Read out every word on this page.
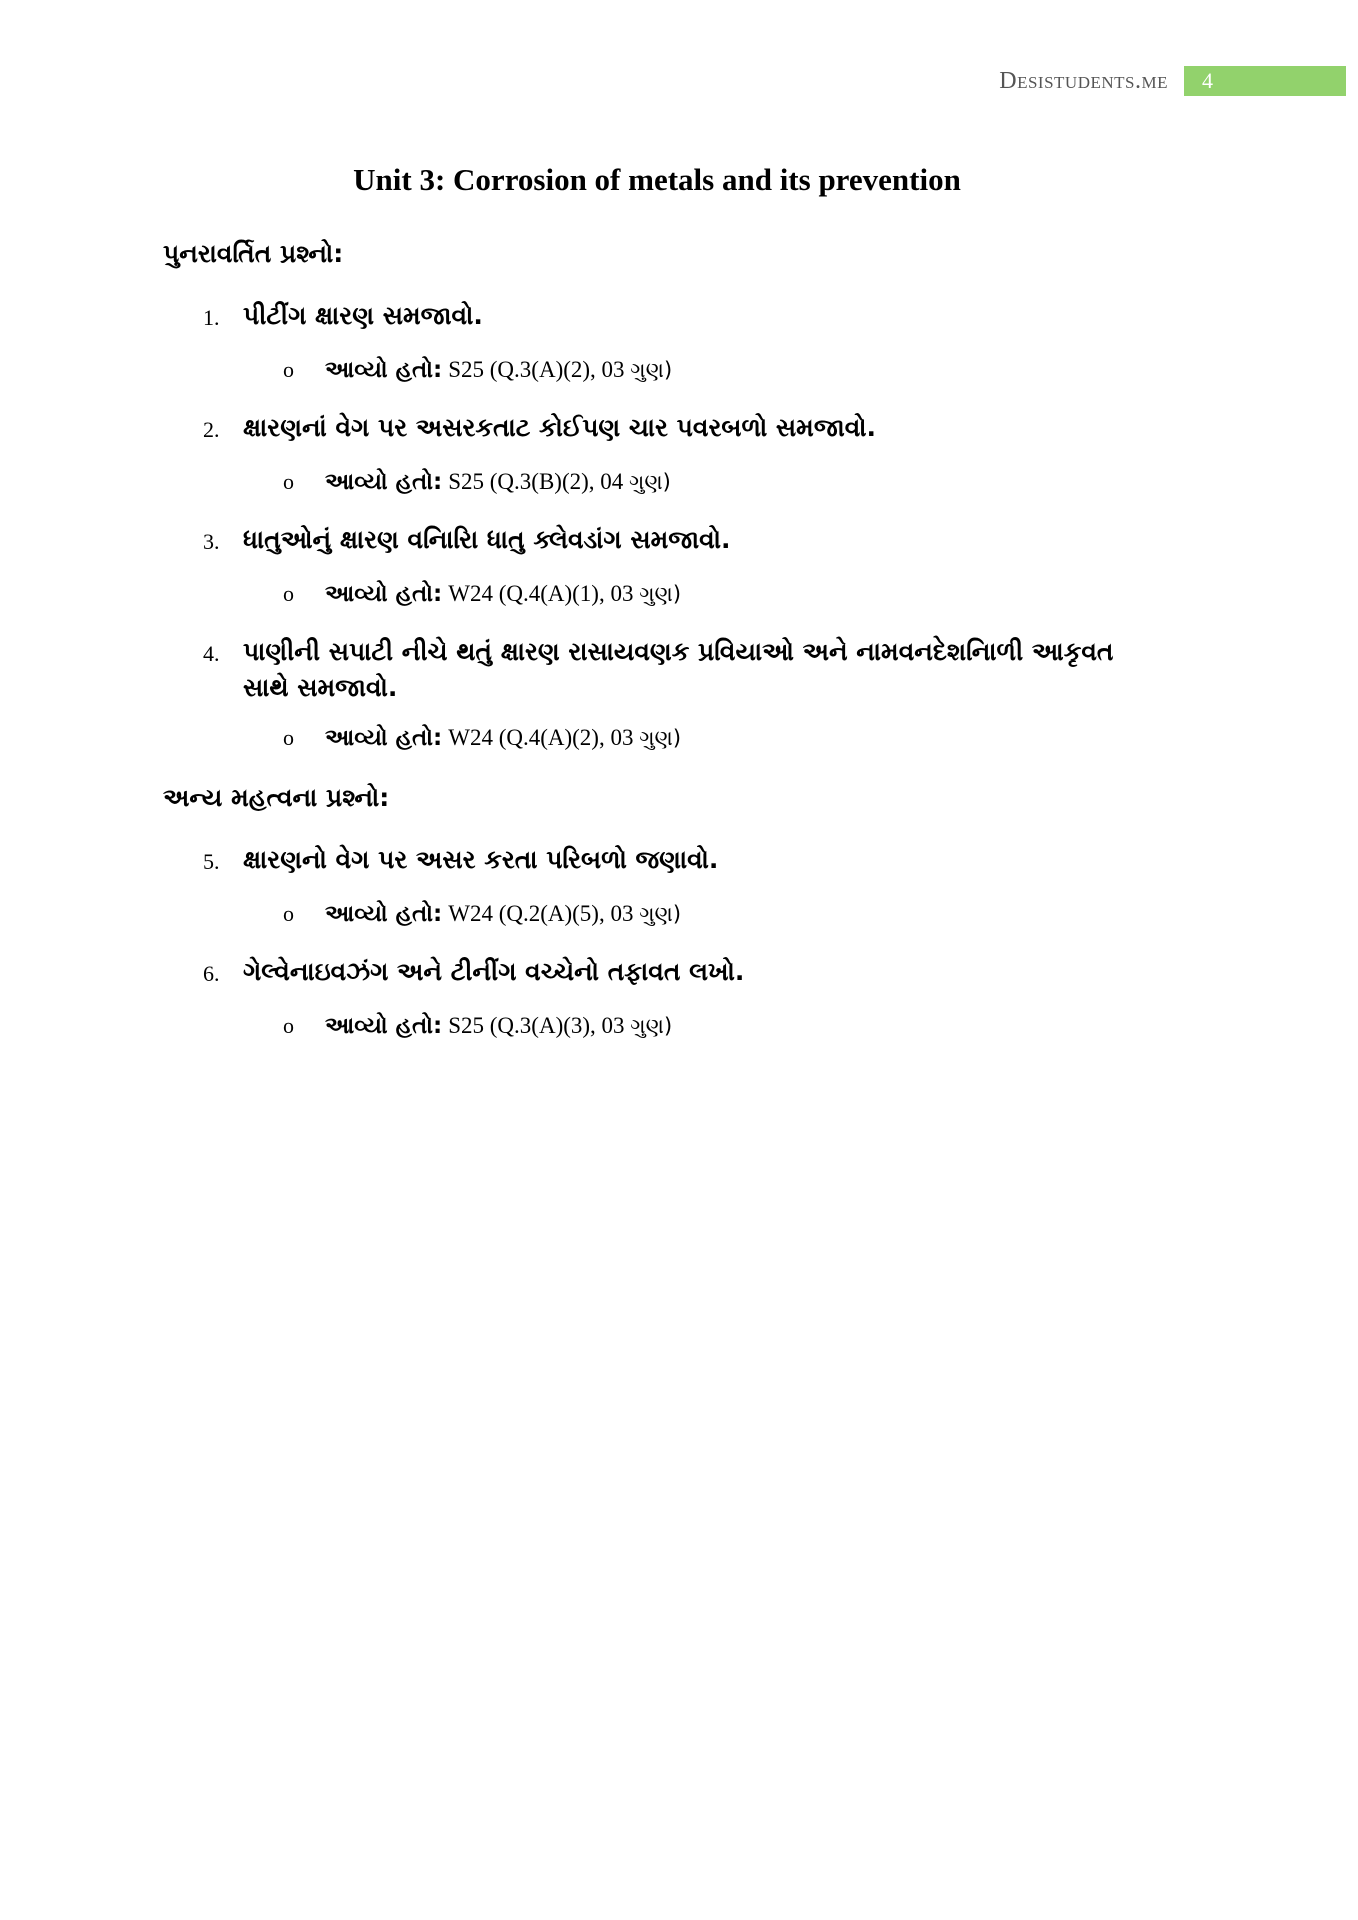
Desistudents.me	4
Unit 3: Corrosion of metals and its prevention
પુનરાવર્તિત પ્રશ્નો:
1. પીટીંગ ક્ષારણ સમજાવો.
o	આવ્યો હતો: S25 (Q.3(A)(2), 03 ગુણ)
2. ક્ષારણનાં વેગ પર અસરકતાટ કોઈપણ ચાર પવરબળો સમજાવો.
o	આવ્યો હતો: S25 (Q.3(B)(2), 04 ગુણ)
3. ધાતુઓનું ક્ષારણ વનિારિા ધાતુ ક્લેવડાંગ સમજાવો.
o	આવ્યો હતો: W24 (Q.4(A)(1), 03 ગુણ)
4. પાણીની સપાટી નીચે થતું ક્ષારણ રાસાયવણક પ્રવિયાઓ અને નામવનદેશનિાળી આકૃવત સાથે સમજાવો.
o	આવ્યો હતો: W24 (Q.4(A)(2), 03 ગુણ)
અન્ય મહત્વના પ્રશ્નો:
5. ક્ષારણનો વેગ પર અસર કરતા પરિબળો જણાવો.
o	આવ્યો હતો: W24 (Q.2(A)(5), 03 ગુણ)
6. ગેલ્વેનાઇવઝંગ અને ટીનીંગ વચ્ચેનો તફાવત લખો.
o	આવ્યો હતો: S25 (Q.3(A)(3), 03 ગુણ)
